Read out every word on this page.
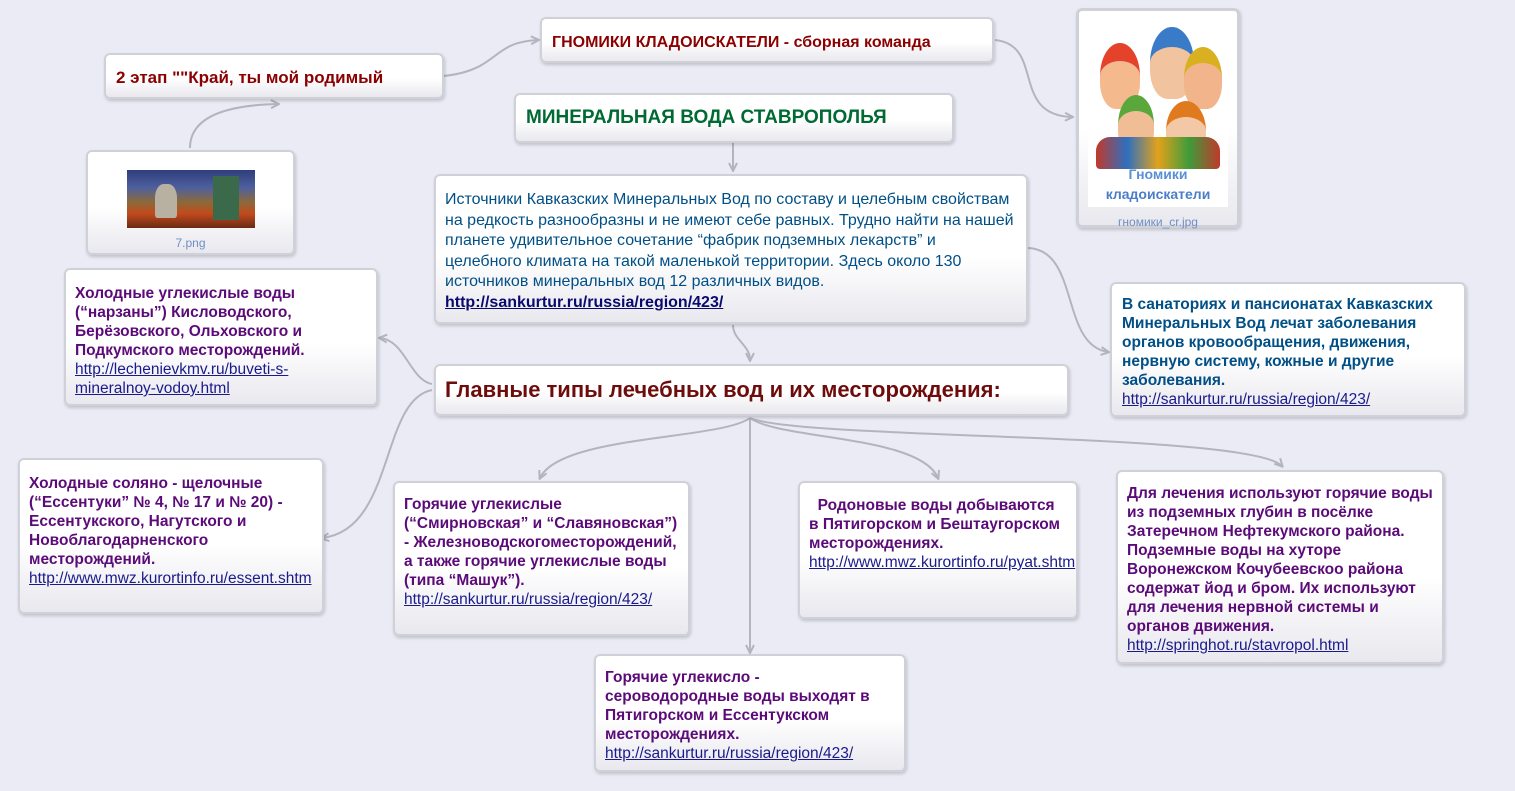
2 этап ""Край, ты мой родимый
ГНОМИКИ КЛАДОИСКАТЕЛИ - сборная команда
Гномики
кладоискатели
гномики_cr.jpg
7.png
МИНЕРАЛЬНАЯ ВОДА СТАВРОПОЛЬЯ
Источники Кавказских Минеральных Вод по составу и целебным свойствам на редкость разнообразны и не имеют себе равных. Трудно найти на нашей планете удивительное сочетание “фабрик подземных лекарств” и целебного климата на такой маленькой территории. Здесь около 130 источников минеральных вод 12 различных видов.  http://sankurtur.ru/russia/region/423/	В санаториях и пансионатах Кавказских Минеральных Вод лечат заболевания органов кровообращения, движения, нервную систему, кожные и другие заболевания.
http://sankurtur.ru/russia/region/423/
Главные типы лечебных вод и их месторождения:
Холодные углекислые воды (“нарзаны”) Кисловодского, Берёзовского, Ольховского и Подкумского месторождений.
http://lechenievkmv.ru/buveti-s-mineralnoy-vodoy.html
Холодные соляно - щелочные (“Ессентуки” № 4, № 17 и № 20) - Ессентукского, Нагутского и Новоблагодарненского месторождений.
http://www.mwz.kurortinfo.ru/essent.shtm
Горячие углекислые (“Смирновская” и “Славяновская”) - Железноводскогоместорождений, а также горячие углекислые воды (типа “Машук”).
http://sankurtur.ru/russia/region/423/
Родоновые воды добываются в Пятигорском и Бештаугорском месторождениях.
http://www.mwz.kurortinfo.ru/pyat.shtm
Для лечения используют горячие воды из подземных глубин в посёлке Затеречном Нефтекумского района. Подземные воды на хуторе Воронежском Кочубеевскоо района содержат йод и бром. Их используют для лечения нервной системы и органов движения.
http://springhot.ru/stavropol.html
Горячие углекисло - сероводородные воды выходят в Пятигорском и Ессентукском месторождениях.
http://sankurtur.ru/russia/region/423/
